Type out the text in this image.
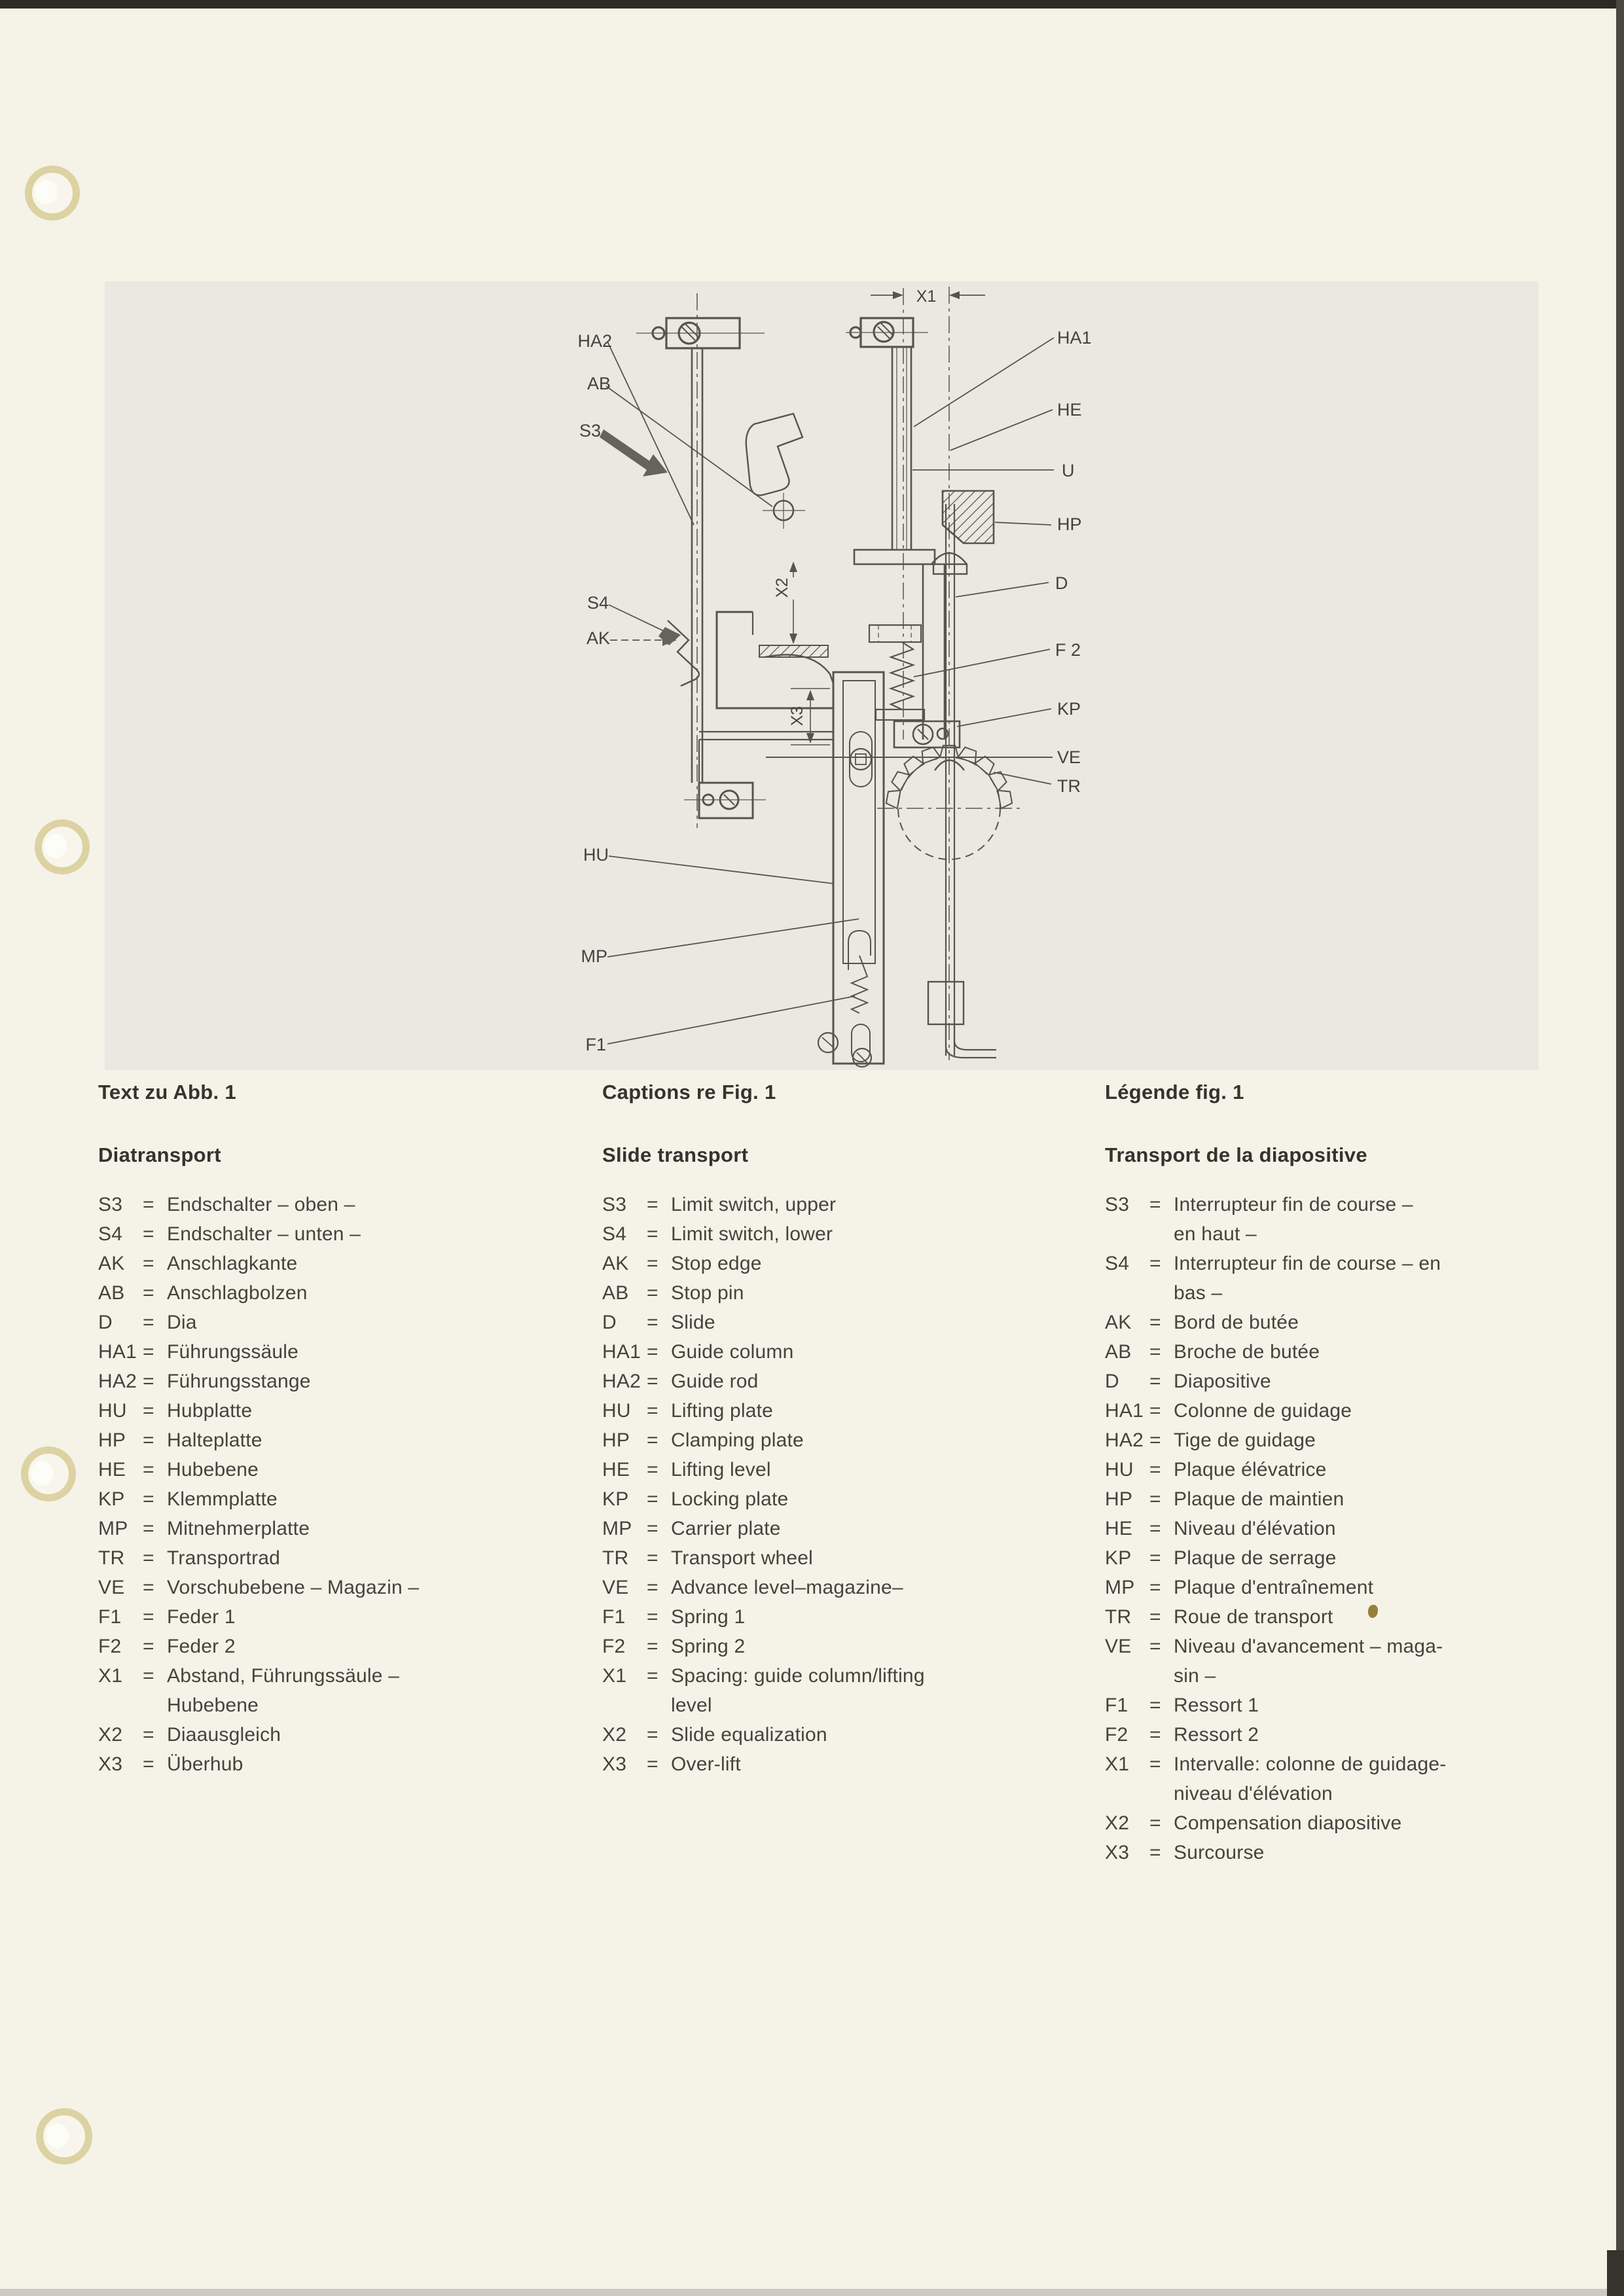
HA2
AB
S3
S4
AK
HU
MP
F1
HA1
HE
U
HP
D
F 2
KP
VE
TR
X1
X2
X3
Text zu Abb. 1
Diatransport
S3	= Endschalter – oben –
S4	= Endschalter – unten –
AK = Anschlagkante
AB = Anschlagbolzen
D	= Dia
HA1 = Führungssäule
HA2 = Führungsstange
HU = Hubplatte
HP = Halteplatte
HE = Hubebene
KP = Klemmplatte
MP = Mitnehmerplatte
TR = Transportrad
VE = Vorschubebene – Magazin –
F1	= Feder 1
F2	= Feder 2
X1	= Abstand, Führungssäule –
Hubebene
X2	= Diaausgleich
X3	= Überhub
Captions re Fig. 1
Slide transport
S3	= Limit switch, upper
S4	= Limit switch, lower
AK = Stop edge
AB = Stop pin
D	= Slide
HA1 = Guide column
HA2 = Guide rod
HU = Lifting plate
HP = Clamping plate
HE = Lifting level
KP = Locking plate
MP = Carrier plate
TR = Transport wheel
VE = Advance level–magazine–
F1	= Spring 1
F2	= Spring 2
X1	= Spacing: guide column/lifting
level
X2	= Slide equalization
X3	= Over-lift
Légende fig. 1
Transport de la diapositive
S3	= Interrupteur fin de course –
en haut –
S4	= Interrupteur fin de course – en
bas –
AK = Bord de butée
AB = Broche de butée
D	= Diapositive
HA1 = Colonne de guidage
HA2 = Tige de guidage
HU = Plaque élévatrice
HP = Plaque de maintien
HE = Niveau d'élévation
KP = Plaque de serrage
MP = Plaque d'entraînement
TR = Roue de transport
VE = Niveau d'avancement – maga-
sin –
F1	= Ressort 1
F2	= Ressort 2
X1	= Intervalle: colonne de guidage-
niveau d'élévation
X2	= Compensation diapositive
X3	= Surcourse
